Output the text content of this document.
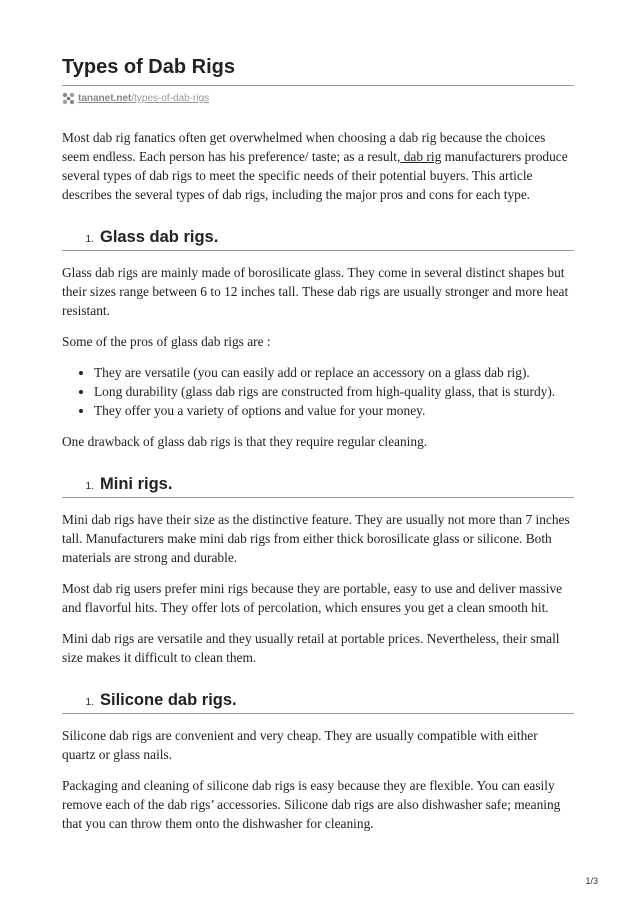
Types of Dab Rigs
tananet.net/types-of-dab-rigs

Most dab rig fanatics often get overwhelmed when choosing a dab rig because the choices seem endless. Each person has his preference/ taste; as a result, dab rig manufacturers produce several types of dab rigs to meet the specific needs of their potential buyers. This article describes the several types of dab rigs, including the major pros and cons for each type.

1. Glass dab rigs.

Glass dab rigs are mainly made of borosilicate glass. They come in several distinct shapes but their sizes range between 6 to 12 inches tall. These dab rigs are usually stronger and more heat resistant.

Some of the pros of glass dab rigs are :

• They are versatile (you can easily add or replace an accessory on a glass dab rig).
• Long durability (glass dab rigs are constructed from high-quality glass, that is sturdy).
• They offer you a variety of options and value for your money.

One drawback of glass dab rigs is that they require regular cleaning.

1. Mini rigs.

Mini dab rigs have their size as the distinctive feature. They are usually not more than 7 inches tall. Manufacturers make mini dab rigs from either thick borosilicate glass or silicone. Both materials are strong and durable.

Most dab rig users prefer mini rigs because they are portable, easy to use and deliver massive and flavorful hits. They offer lots of percolation, which ensures you get a clean smooth hit.

Mini dab rigs are versatile and they usually retail at portable prices. Nevertheless, their small size makes it difficult to clean them.

1. Silicone dab rigs.

Silicone dab rigs are convenient and very cheap. They are usually compatible with either quartz or glass nails.

Packaging and cleaning of silicone dab rigs is easy because they are flexible. You can easily remove each of the dab rigs’ accessories. Silicone dab rigs are also dishwasher safe; meaning that you can throw them onto the dishwasher for cleaning.

1/3
